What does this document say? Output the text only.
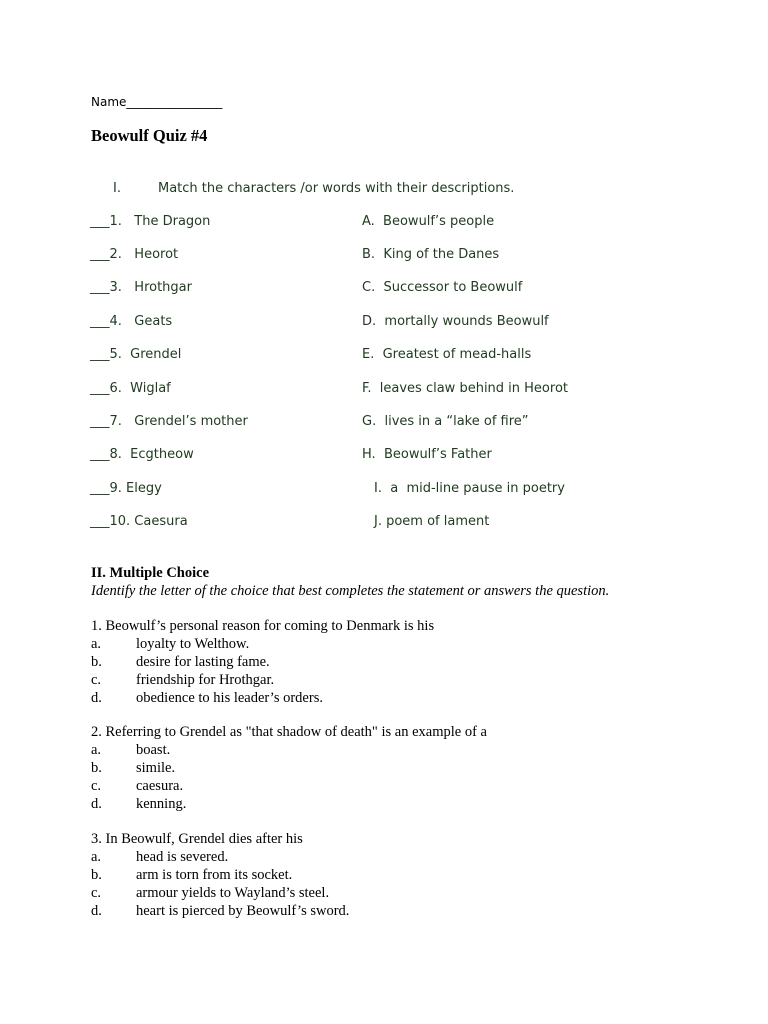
Name________________
Beowulf Quiz #4
I.	Match the characters /or words with their descriptions.
___1.   The Dragon	A.  Beowulf’s people
___2.   Heorot	B.  King of the Danes
___3.   Hrothgar	C.  Successor to Beowulf
___4.   Geats	D.  mortally wounds Beowulf
___5.  Grendel	E.  Greatest of mead-halls
___6.  Wiglaf	F.  leaves claw behind in Heorot
___7.   Grendel’s mother	G.  lives in a “lake of fire”
___8.  Ecgtheow	H.  Beowulf’s Father
___9. Elegy	I.  a  mid-line pause in poetry
___10. Caesura	J. poem of lament
II. Multiple Choice
Identify the letter of the choice that best completes the statement or answers the question.
1. Beowulf’s personal reason for coming to Denmark is his
a. loyalty to Welthow.
b. desire for lasting fame.
c. friendship for Hrothgar.
d. obedience to his leader’s orders.
2. Referring to Grendel as "that shadow of death" is an example of a
a. boast.
b. simile.
c. caesura.
d. kenning.
3. In Beowulf, Grendel dies after his
a. head is severed.
b. arm is torn from its socket.
c. armour yields to Wayland’s steel.
d. heart is pierced by Beowulf’s sword.
